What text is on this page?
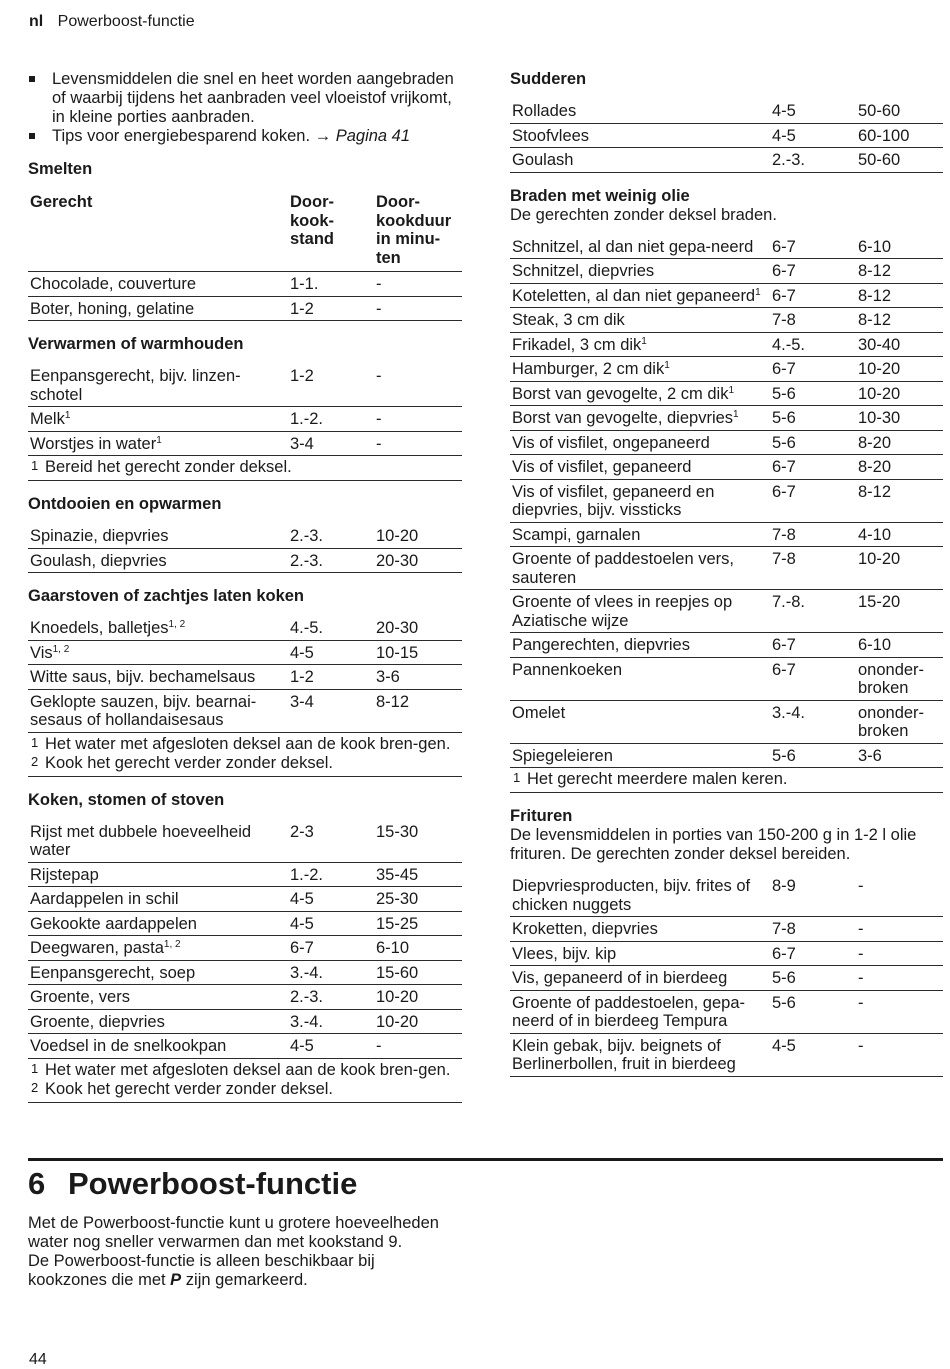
nl Powerboost-functie
Levensmiddelen die snel en heet worden aangebraden of waarbij tijdens het aanbraden veel vloeistof vrijkomt, in kleine porties aanbraden.
Tips voor energiebesparend koken. → Pagina 41
Smelten
Gerecht	Door-kook-stand	Door-kookduur in minu-ten
Chocolade, couverture	1-1.	-
Boter, honing, gelatine	1-2	-
Verwarmen of warmhouden
Eenpansgerecht, bijv. linzen-schotel	1-2	-
Melk$^1$	1.-2.	-
Worstjes in water$^1$	3-4	-
1 Bereid het gerecht zonder deksel.
Ontdooien en opwarmen
Spinazie, diepvries	2.-3.	10-20
Goulash, diepvries	2.-3.	20-30
Gaarstoven of zachtjes laten koken
Knoedels, balletjes$^{1, 2}$	4.-5.	20-30
Vis$^{1, 2}$	4-5	10-15
Witte saus, bijv. bechamelsaus	1-2	3-6
Geklopte sauzen, bijv. bearnai-sesaus of hollandaisesaus	3-4	8-12
1 Het water met afgesloten deksel aan de kook bren-gen.
2 Kook het gerecht verder zonder deksel.
Koken, stomen of stoven
Rijst met dubbele hoeveelheid water	2-3	15-30
Rijstepap	1.-2.	35-45
Aardappelen in schil	4-5	25-30
Gekookte aardappelen	4-5	15-25
Deegwaren, pasta$^{1, 2}$	6-7	6-10
Eenpansgerecht, soep	3.-4.	15-60
Groente, vers	2.-3.	10-20
Groente, diepvries	3.-4.	10-20
Voedsel in de snelkookpan	4-5	-
1 Het water met afgesloten deksel aan de kook bren-gen.
2 Kook het gerecht verder zonder deksel.
Sudderen
Rollades	4-5	50-60
Stoofvlees	4-5	60-100
Goulash	2.-3.	50-60
Braden met weinig olie

De gerechten zonder deksel braden.

Schnitzel, al dan niet gepa-neerd	6-7	6-10
Schnitzel, diepvries	6-7	8-12
Koteletten, al dan niet gepaneerd$^1$	6-7	8-12
Steak, 3 cm dik	7-8	8-12
Frikadel, 3 cm dik$^1$	4.-5.	30-40
Hamburger, 2 cm dik$^1$	6-7	10-20
Borst van gevogelte, 2 cm dik$^1$	5-6	10-20
Borst van gevogelte, diepvries$^1$	5-6	10-30
Vis of visfilet, ongepaneerd	5-6	8-20
Vis of visfilet, gepaneerd	6-7	8-20
Vis of visfilet, gepaneerd en diepvries, bijv. vissticks	6-7	8-12
Scampi, garnalen	7-8	4-10
Groente of paddestoelen vers, sauteren	7-8	10-20
Groente of vlees in reepjes op Aziatische wijze	7.-8.	15-20
Pangerechten, diepvries	6-7	6-10
Pannenkoeken	6-7	ononder-broken
Omelet	3.-4.	ononder-broken
Spiegeleieren	5-6	3-6
1 Het gerecht meerdere malen keren.
Frituren

De levensmiddelen in porties van 150-200 g in 1-2 l olie frituren. De gerechten zonder deksel bereiden.

Diepvriesproducten, bijv. frites of chicken nuggets	8-9	-
Kroketten, diepvries	7-8	-
Vlees, bijv. kip	6-7	-
Vis, gepaneerd of in bierdeeg	5-6	-
Groente of paddestoelen, gepa-neerd of in bierdeeg Tempura	5-6	-
Klein gebak, bijv. beignets of Berlinerbollen, fruit in bierdeeg	4-5	-
6 Powerboost-functie

Met de Powerboost-functie kunt u grotere hoeveelheden water nog sneller verwarmen dan met kookstand 9.

De Powerboost-functie is alleen beschikbaar bij kookzones die met P zijn gemarkeerd.

44
